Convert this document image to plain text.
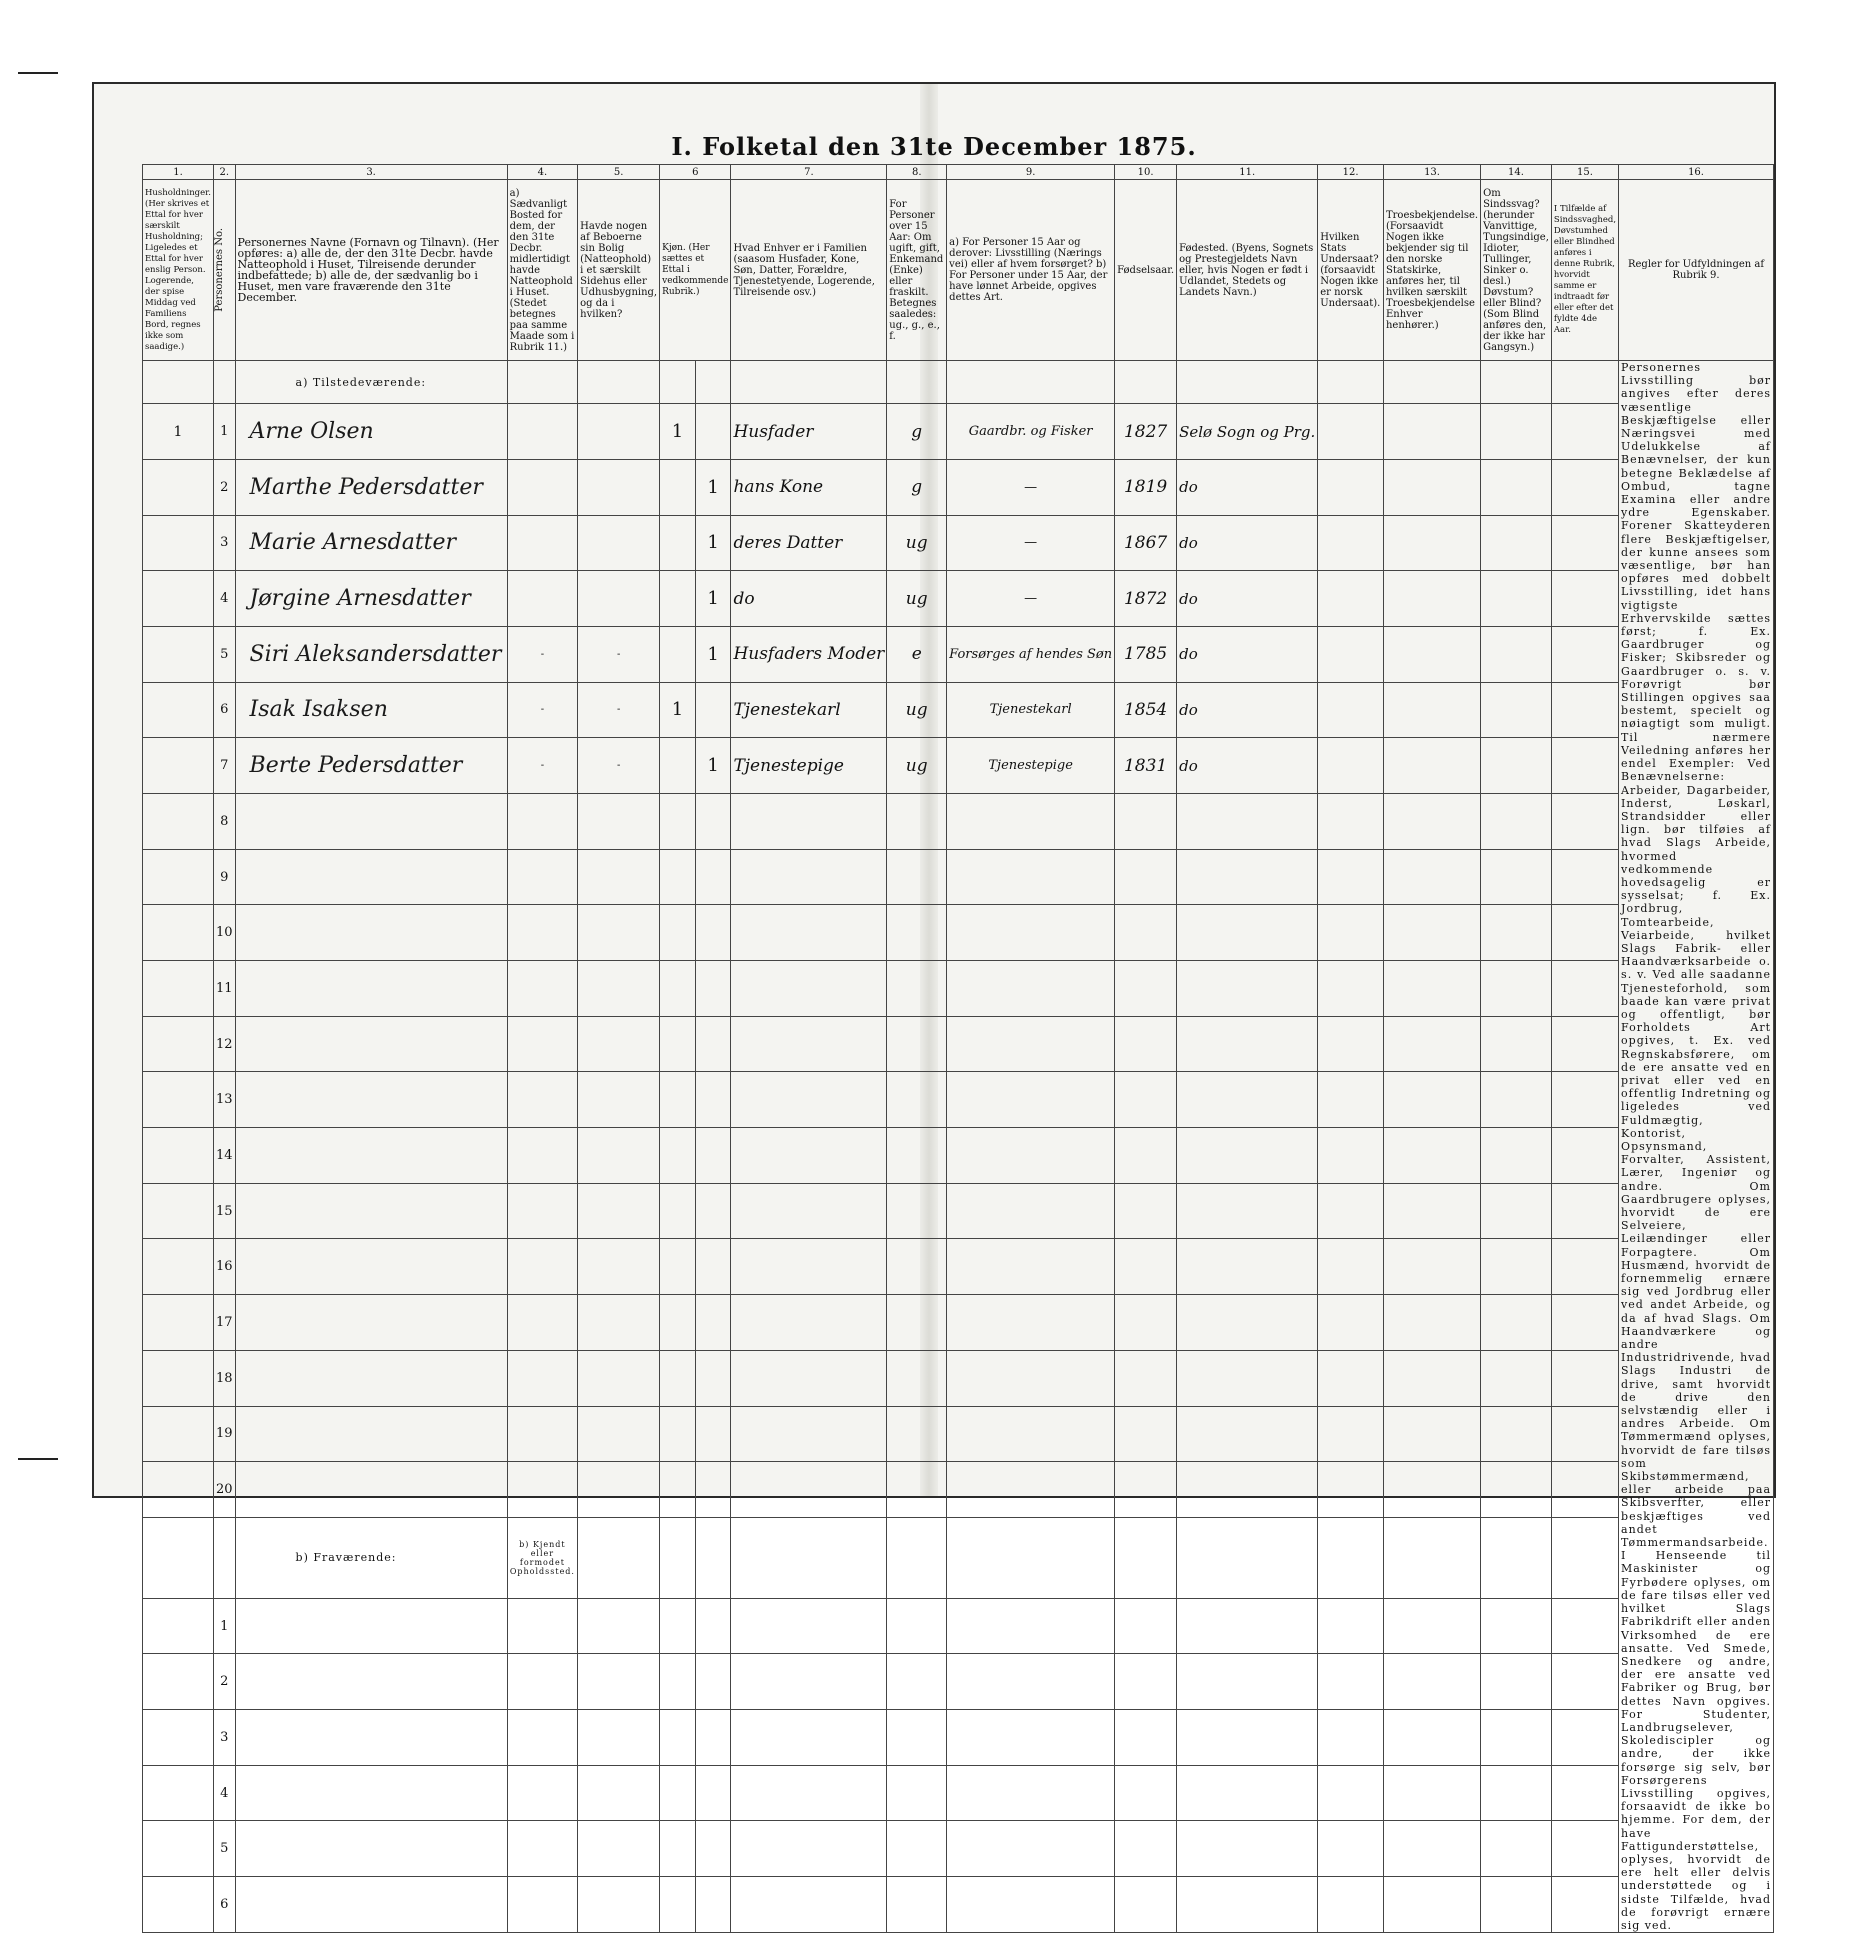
I. Folketal den 31te December 1875.
1.	2.	3.	4.	5.	6		7.	8.	9.	10.	11.	12.	13.	14.	15.	16.
Husholdninger. (Her skrives et Ettal for hver særskilt Husholdning; Ligeledes et Ettal for hver enslig Person. Logerende, der spise Middag ved Familiens Bord, regnes ikke som saadige.)	Personernes No.	Personernes Navne (Fornavn og Tilnavn). (Her opføres: a) alle de, der den 31te Decbr. havde Natteophold i Huset, Tilreisende derunder indbefattede; b) alle de, der sædvanlig bo i Huset, men vare fraværende den 31te December.	a) Sædvanligt Bosted for dem, der den 31te Decbr. midlertidigt havde Natteophold i Huset. (Stedet betegnes paa samme Maade som i Rubrik 11.)	Havde nogen af Beboerne sin Bolig (Natteophold) i et særskilt Sidehus eller Udhusbygning, og da i hvilken?	Kjøn. (Her sættes et Ettal i vedkommende Rubrik.)		Hvad Enhver er i Familien (saasom Husfader, Kone, Søn, Datter, Forældre, Tjenestetyende, Logerende, Tilreisende osv.)	For Personer over 15 Aar: Om ugift, gift, Enkemand (Enke) eller fraskilt. Betegnes saaledes: ug., g., e., f.	a) For Personer 15 Aar og derover: Livsstilling (Nærings vei) eller af hvem forsørget? b) For Personer under 15 Aar, der have lønnet Arbeide, opgives dettes Art.	Fødselsaar.	Fødested. (Byens, Sognets og Prestegjeldets Navn eller, hvis Nogen er født i Udlandet, Stedets og Landets Navn.)	Hvilken Stats Undersaat? (forsaavidt Nogen ikke er norsk Undersaat).	Troesbekjendelse. (Forsaavidt Nogen ikke bekjender sig til den norske Statskirke, anføres her, til hvilken særskilt Troesbekjendelse Enhver henhører.)	Om Sindssvag? (herunder Vanvittige, Tungsindige, Idioter, Tullinger, Sinker o. desl.) Døvstum? eller Blind? (Som Blind anføres den, der ikke har Gangsyn.)	I Tilfælde af Sindssvaghed, Døvstumhed eller Blindhed anføres i denne Rubrik, hvorvidt samme er indtraadt før eller efter det fyldte 4de Aar.	Regler for Udfyldningen af Rubrik 9.
		a) Tilstedeværende:														Personernes Livsstilling bør angives efter deres væsentlige Beskjæftigelse eller Næringsvei med Udelukkelse af Benævnelser, der kun betegne Beklædelse af Ombud, tagne Examina eller andre ydre Egenskaber. Forener Skatteyderen flere Beskjæftigelser, der kunne ansees som væsentlige, bør han opføres med dobbelt Livsstilling, idet hans vigtigste Erhvervskilde sættes først; f. Ex. Gaardbruger og Fisker; Skibsreder og Gaardbruger o. s. v. Forøvrigt bør Stillingen opgives saa bestemt, specielt og nøiagtigt som muligt. Til nærmere Veiledning anføres her endel Exempler: Ved Benævnelserne: Arbeider, Dagarbeider, Inderst, Løskarl, Strandsidder eller lign. bør tilføies af hvad Slags Arbeide, hvormed vedkommende hovedsagelig er sysselsat; f. Ex. Jordbrug, Tomtearbeide, Veiarbeide, hvilket Slags Fabrik- eller Haandværksarbeide o. s. v. Ved alle saadanne Tjenesteforhold, som baade kan være privat og offentligt, bør Forholdets Art opgives, t. Ex. ved Regnskabsførere, om de ere ansatte ved en privat eller ved en offentlig Indretning og ligeledes ved Fuldmægtig, Kontorist, Opsynsmand, Forvalter, Assistent, Lærer, Ingeniør og andre. Om Gaardbrugere oplyses, hvorvidt de ere Selveiere, Leilændinger eller Forpagtere. Om Husmænd, hvorvidt de fornemmelig ernære sig ved Jordbrug eller ved andet Arbeide, og da af hvad Slags. Om Haandværkere og andre Industridrivende, hvad Slags Industri de drive, samt hvorvidt de drive den selvstændig eller i andres Arbeide. Om Tømmermænd oplyses, hvorvidt de fare tilsøs som Skibstømmermænd, eller arbeide paa Skibsverfter, eller beskjæftiges ved andet Tømmermandsarbeide. I Henseende til Maskinister og Fyrbødere oplyses, om de fare tilsøs eller ved hvilket Slags Fabrikdrift eller anden Virksomhed de ere ansatte. Ved Smede, Snedkere og andre, der ere ansatte ved Fabriker og Brug, bør dettes Navn opgives. For Studenter, Landbrugselever, Skolediscipler og andre, der ikke forsørge sig selv, bør Forsørgerens Livsstilling opgives, forsaavidt de ikke bo hjemme. For dem, der have Fattigunderstøttelse, oplyses, hvorvidt de ere helt eller delvis understøttede og i sidste Tilfælde, hvad de forøvrigt ernære sig ved.
1	1	Arne Olsen			1		Husfader	g	Gaardbr. og Fisker	1827	Selø Sogn og Prg.					
	2	Marthe Pedersdatter				1	hans Kone	g	—	1819	do					
	3	Marie Arnesdatter				1	deres Datter	ug	—	1867	do					
	4	Jørgine Arnesdatter				1	do	ug	—	1872	do					
	5	Siri Aleksandersdatter	-	-		1	Husfaders Moder	e	Forsørges af hendes Søn	1785	do					
	6	Isak Isaksen	-	-	1		Tjenestekarl	ug	Tjenestekarl	1854	do					
	7	Berte Pedersdatter	-	-		1	Tjenestepige	ug	Tjenestepige	1831	do					
	8															
	9															
	10															
	11															
	12															
	13															
	14															
	15															
	16															
	17															
	18															
	19															
	20															
		b) Fraværende:	b) Kjendt eller formodet Opholdssted.													
	1															
	2															
	3															
	4															
	5															
	6															
